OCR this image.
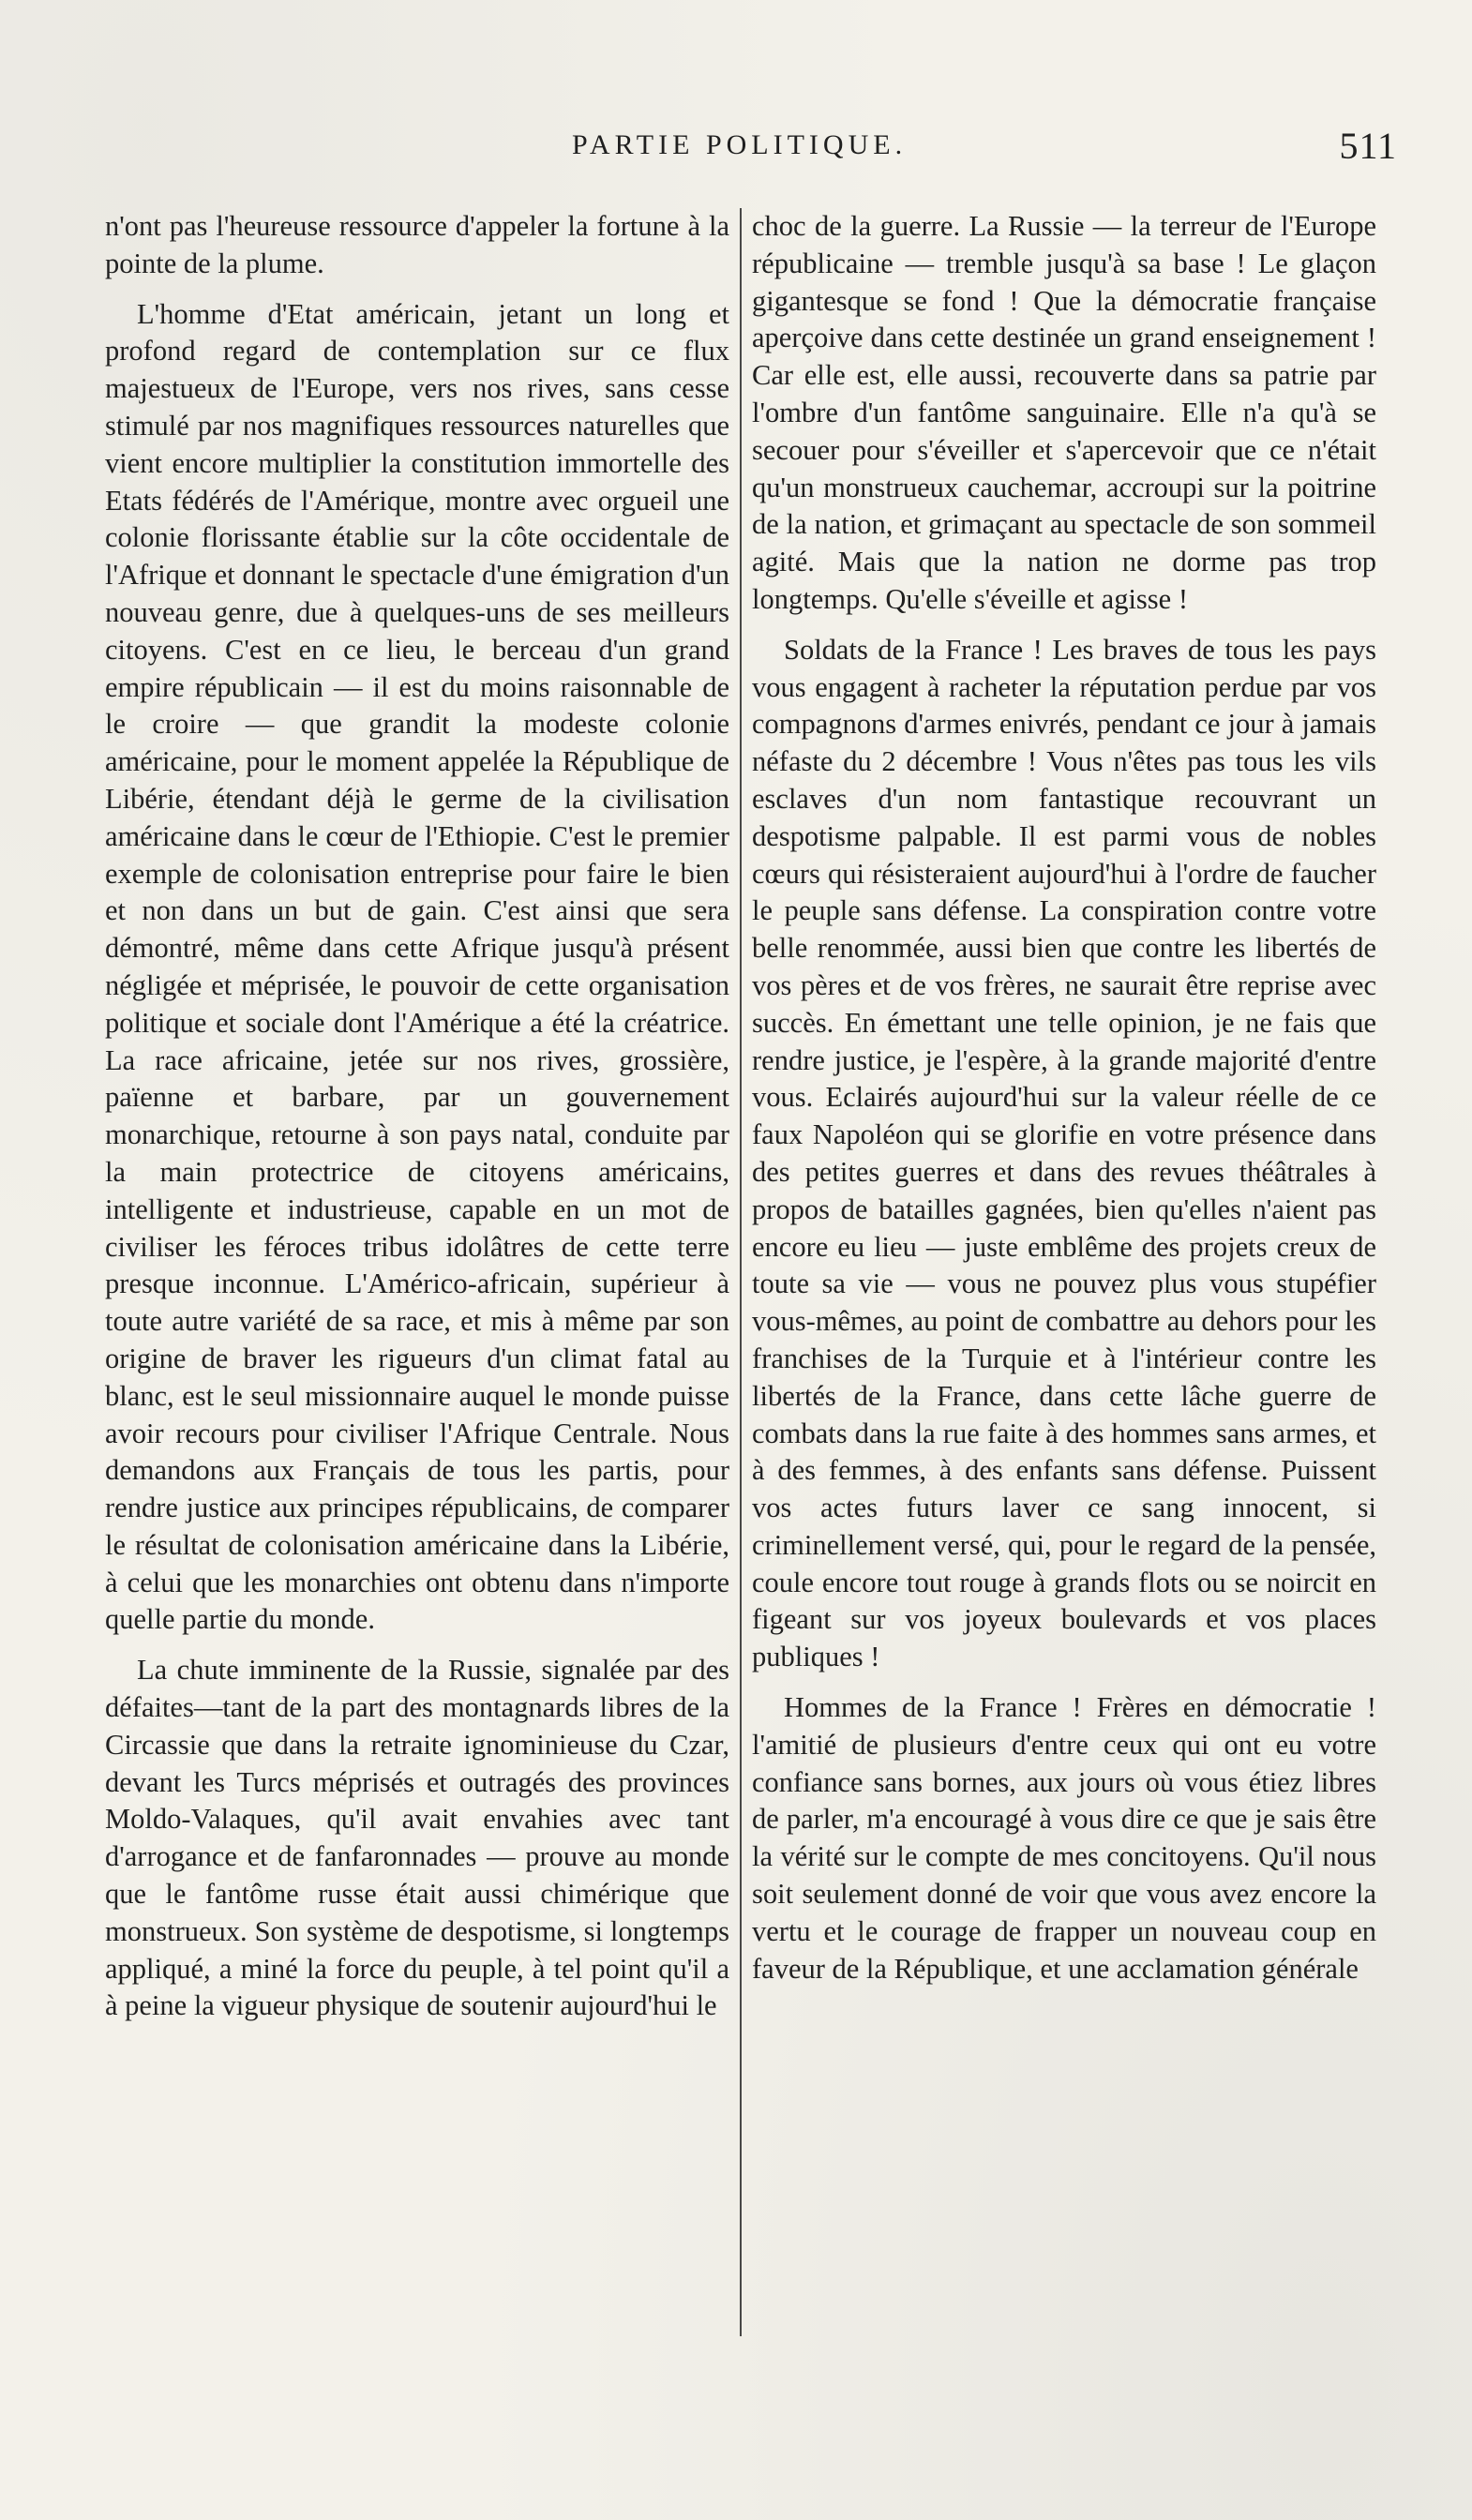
PARTIE POLITIQUE.	511

n'ont pas l'heureuse ressource d'appeler la fortune à la pointe de la plume.

L'homme d'Etat américain, jetant un long et profond regard de contemplation sur ce flux majestueux de l'Europe, vers nos rives, sans cesse stimulé par nos magnifiques ressources naturelles que vient encore multiplier la constitution immortelle des Etats fédérés de l'Amérique, montre avec orgueil une colonie florissante établie sur la côte occidentale de l'Afrique et donnant le spectacle d'une émigration d'un nouveau genre, due à quelques-uns de ses meilleurs citoyens. C'est en ce lieu, le berceau d'un grand empire républicain — il est du moins raisonnable de le croire — que grandit la modeste colonie américaine, pour le moment appelée la République de Libérie, étendant déjà le germe de la civilisation américaine dans le cœur de l'Ethiopie. C'est le premier exemple de colonisation entreprise pour faire le bien et non dans un but de gain. C'est ainsi que sera démontré, même dans cette Afrique jusqu'à présent négligée et méprisée, le pouvoir de cette organisation politique et sociale dont l'Amérique a été la créatrice. La race africaine, jetée sur nos rives, grossière, païenne et barbare, par un gouvernement monarchique, retourne à son pays natal, conduite par la main protectrice de citoyens américains, intelligente et industrieuse, capable en un mot de civiliser les féroces tribus idolâtres de cette terre presque inconnue. L'Américo-africain, supérieur à toute autre variété de sa race, et mis à même par son origine de braver les rigueurs d'un climat fatal au blanc, est le seul missionnaire auquel le monde puisse avoir recours pour civiliser l'Afrique Centrale. Nous demandons aux Français de tous les partis, pour rendre justice aux principes républicains, de comparer le résultat de colonisation américaine dans la Libérie, à celui que les monarchies ont obtenu dans n'importe quelle partie du monde.

La chute imminente de la Russie, signalée par des défaites—tant de la part des montagnards libres de la Circassie que dans la retraite ignominieuse du Czar, devant les Turcs méprisés et outragés des provinces Moldo-Valaques, qu'il avait envahies avec tant d'arrogance et de fanfaronnades — prouve au monde que le fantôme russe était aussi chimérique que monstrueux. Son système de despotisme, si longtemps appliqué, a miné la force du peuple, à tel point qu'il a à peine la vigueur physique de soutenir aujourd'hui le

choc de la guerre. La Russie — la terreur de l'Europe républicaine — tremble jusqu'à sa base ! Le glaçon gigantesque se fond ! Que la démocratie française aperçoive dans cette destinée un grand enseignement ! Car elle est, elle aussi, recouverte dans sa patrie par l'ombre d'un fantôme sanguinaire. Elle n'a qu'à se secouer pour s'éveiller et s'apercevoir que ce n'était qu'un monstrueux cauchemar, accroupi sur la poitrine de la nation, et grimaçant au spectacle de son sommeil agité. Mais que la nation ne dorme pas trop longtemps. Qu'elle s'éveille et agisse !

Soldats de la France ! Les braves de tous les pays vous engagent à racheter la réputation perdue par vos compagnons d'armes enivrés, pendant ce jour à jamais néfaste du 2 décembre ! Vous n'êtes pas tous les vils esclaves d'un nom fantastique recouvrant un despotisme palpable. Il est parmi vous de nobles cœurs qui résisteraient aujourd'hui à l'ordre de faucher le peuple sans défense. La conspiration contre votre belle renommée, aussi bien que contre les libertés de vos pères et de vos frères, ne saurait être reprise avec succès. En émettant une telle opinion, je ne fais que rendre justice, je l'espère, à la grande majorité d'entre vous. Eclairés aujourd'hui sur la valeur réelle de ce faux Napoléon qui se glorifie en votre présence dans des petites guerres et dans des revues théâtrales à propos de batailles gagnées, bien qu'elles n'aient pas encore eu lieu — juste emblême des projets creux de toute sa vie — vous ne pouvez plus vous stupéfier vous-mêmes, au point de combattre au dehors pour les franchises de la Turquie et à l'intérieur contre les libertés de la France, dans cette lâche guerre de combats dans la rue faite à des hommes sans armes, et à des femmes, à des enfants sans défense. Puissent vos actes futurs laver ce sang innocent, si criminellement versé, qui, pour le regard de la pensée, coule encore tout rouge à grands flots ou se noircit en figeant sur vos joyeux boulevards et vos places publiques !

Hommes de la France ! Frères en démocratie ! l'amitié de plusieurs d'entre ceux qui ont eu votre confiance sans bornes, aux jours où vous étiez libres de parler, m'a encouragé à vous dire ce que je sais être la vérité sur le compte de mes concitoyens. Qu'il nous soit seulement donné de voir que vous avez encore la vertu et le courage de frapper un nouveau coup en faveur de la République, et une acclamation générale
